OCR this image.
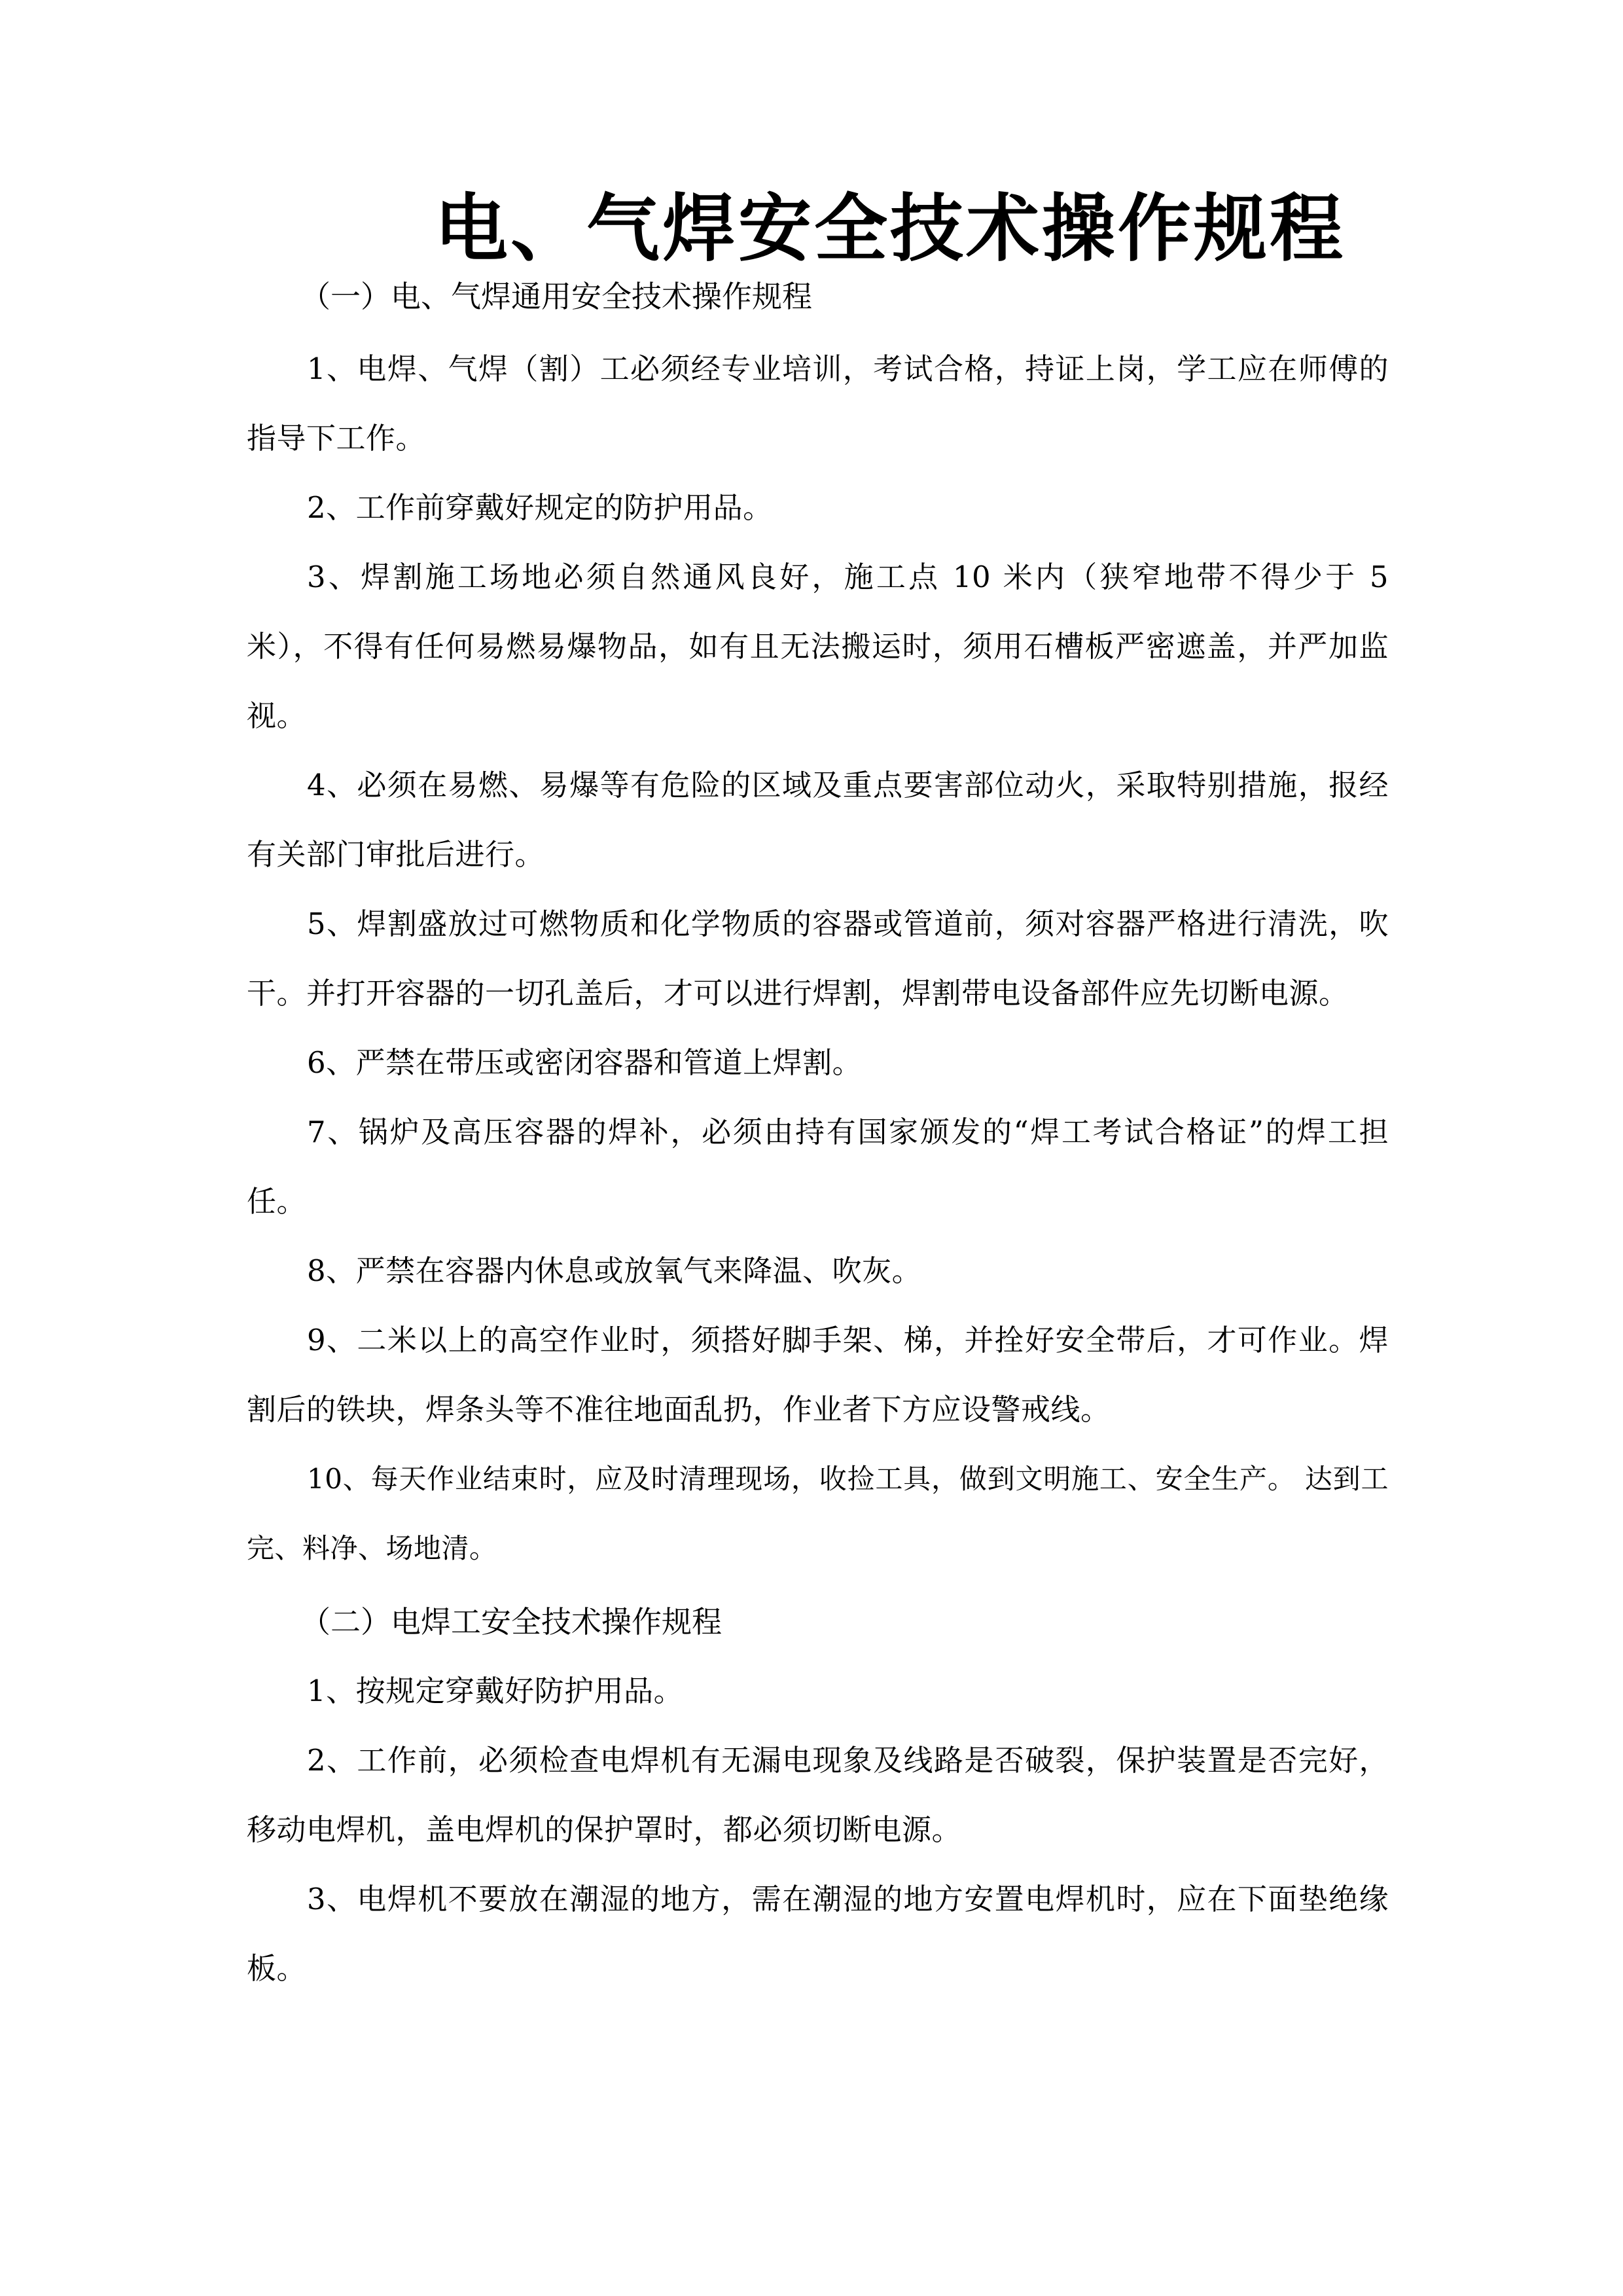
电、气焊安全技术操作规程

（一）电、气焊通用安全技术操作规程

1、电焊、气焊（割）工必须经专业培训，考试合格，持证上岗，学工应在师傅的指导下工作。

2、工作前穿戴好规定的防护用品。

3、焊割施工场地必须自然通风良好，施工点 10 米内（狭窄地带不得少于 5 米），不得有任何易燃易爆物品，如有且无法搬运时，须用石槽板严密遮盖，并严加监视。

4、必须在易燃、易爆等有危险的区域及重点要害部位动火，采取特别措施，报经有关部门审批后进行。

5、焊割盛放过可燃物质和化学物质的容器或管道前，须对容器严格进行清洗，吹干。并打开容器的一切孔盖后，才可以进行焊割，焊割带电设备部件应先切断电源。

6、严禁在带压或密闭容器和管道上焊割。

7、锅炉及高压容器的焊补，必须由持有国家颁发的“焊工考试合格证”的焊工担任。

8、严禁在容器内休息或放氧气来降温、吹灰。

9、二米以上的高空作业时，须搭好脚手架、梯，并拴好安全带后，才可作业。焊割后的铁块，焊条头等不准往地面乱扔，作业者下方应设警戒线。

10、每天作业结束时，应及时清理现场，收捡工具，做到文明施工、安全生产。 达到工完、料净、场地清。

（二）电焊工安全技术操作规程

1、按规定穿戴好防护用品。

2、工作前，必须检查电焊机有无漏电现象及线路是否破裂，保护装置是否完好，移动电焊机，盖电焊机的保护罩时，都必须切断电源。

3、电焊机不要放在潮湿的地方，需在潮湿的地方安置电焊机时，应在下面垫绝缘板。
